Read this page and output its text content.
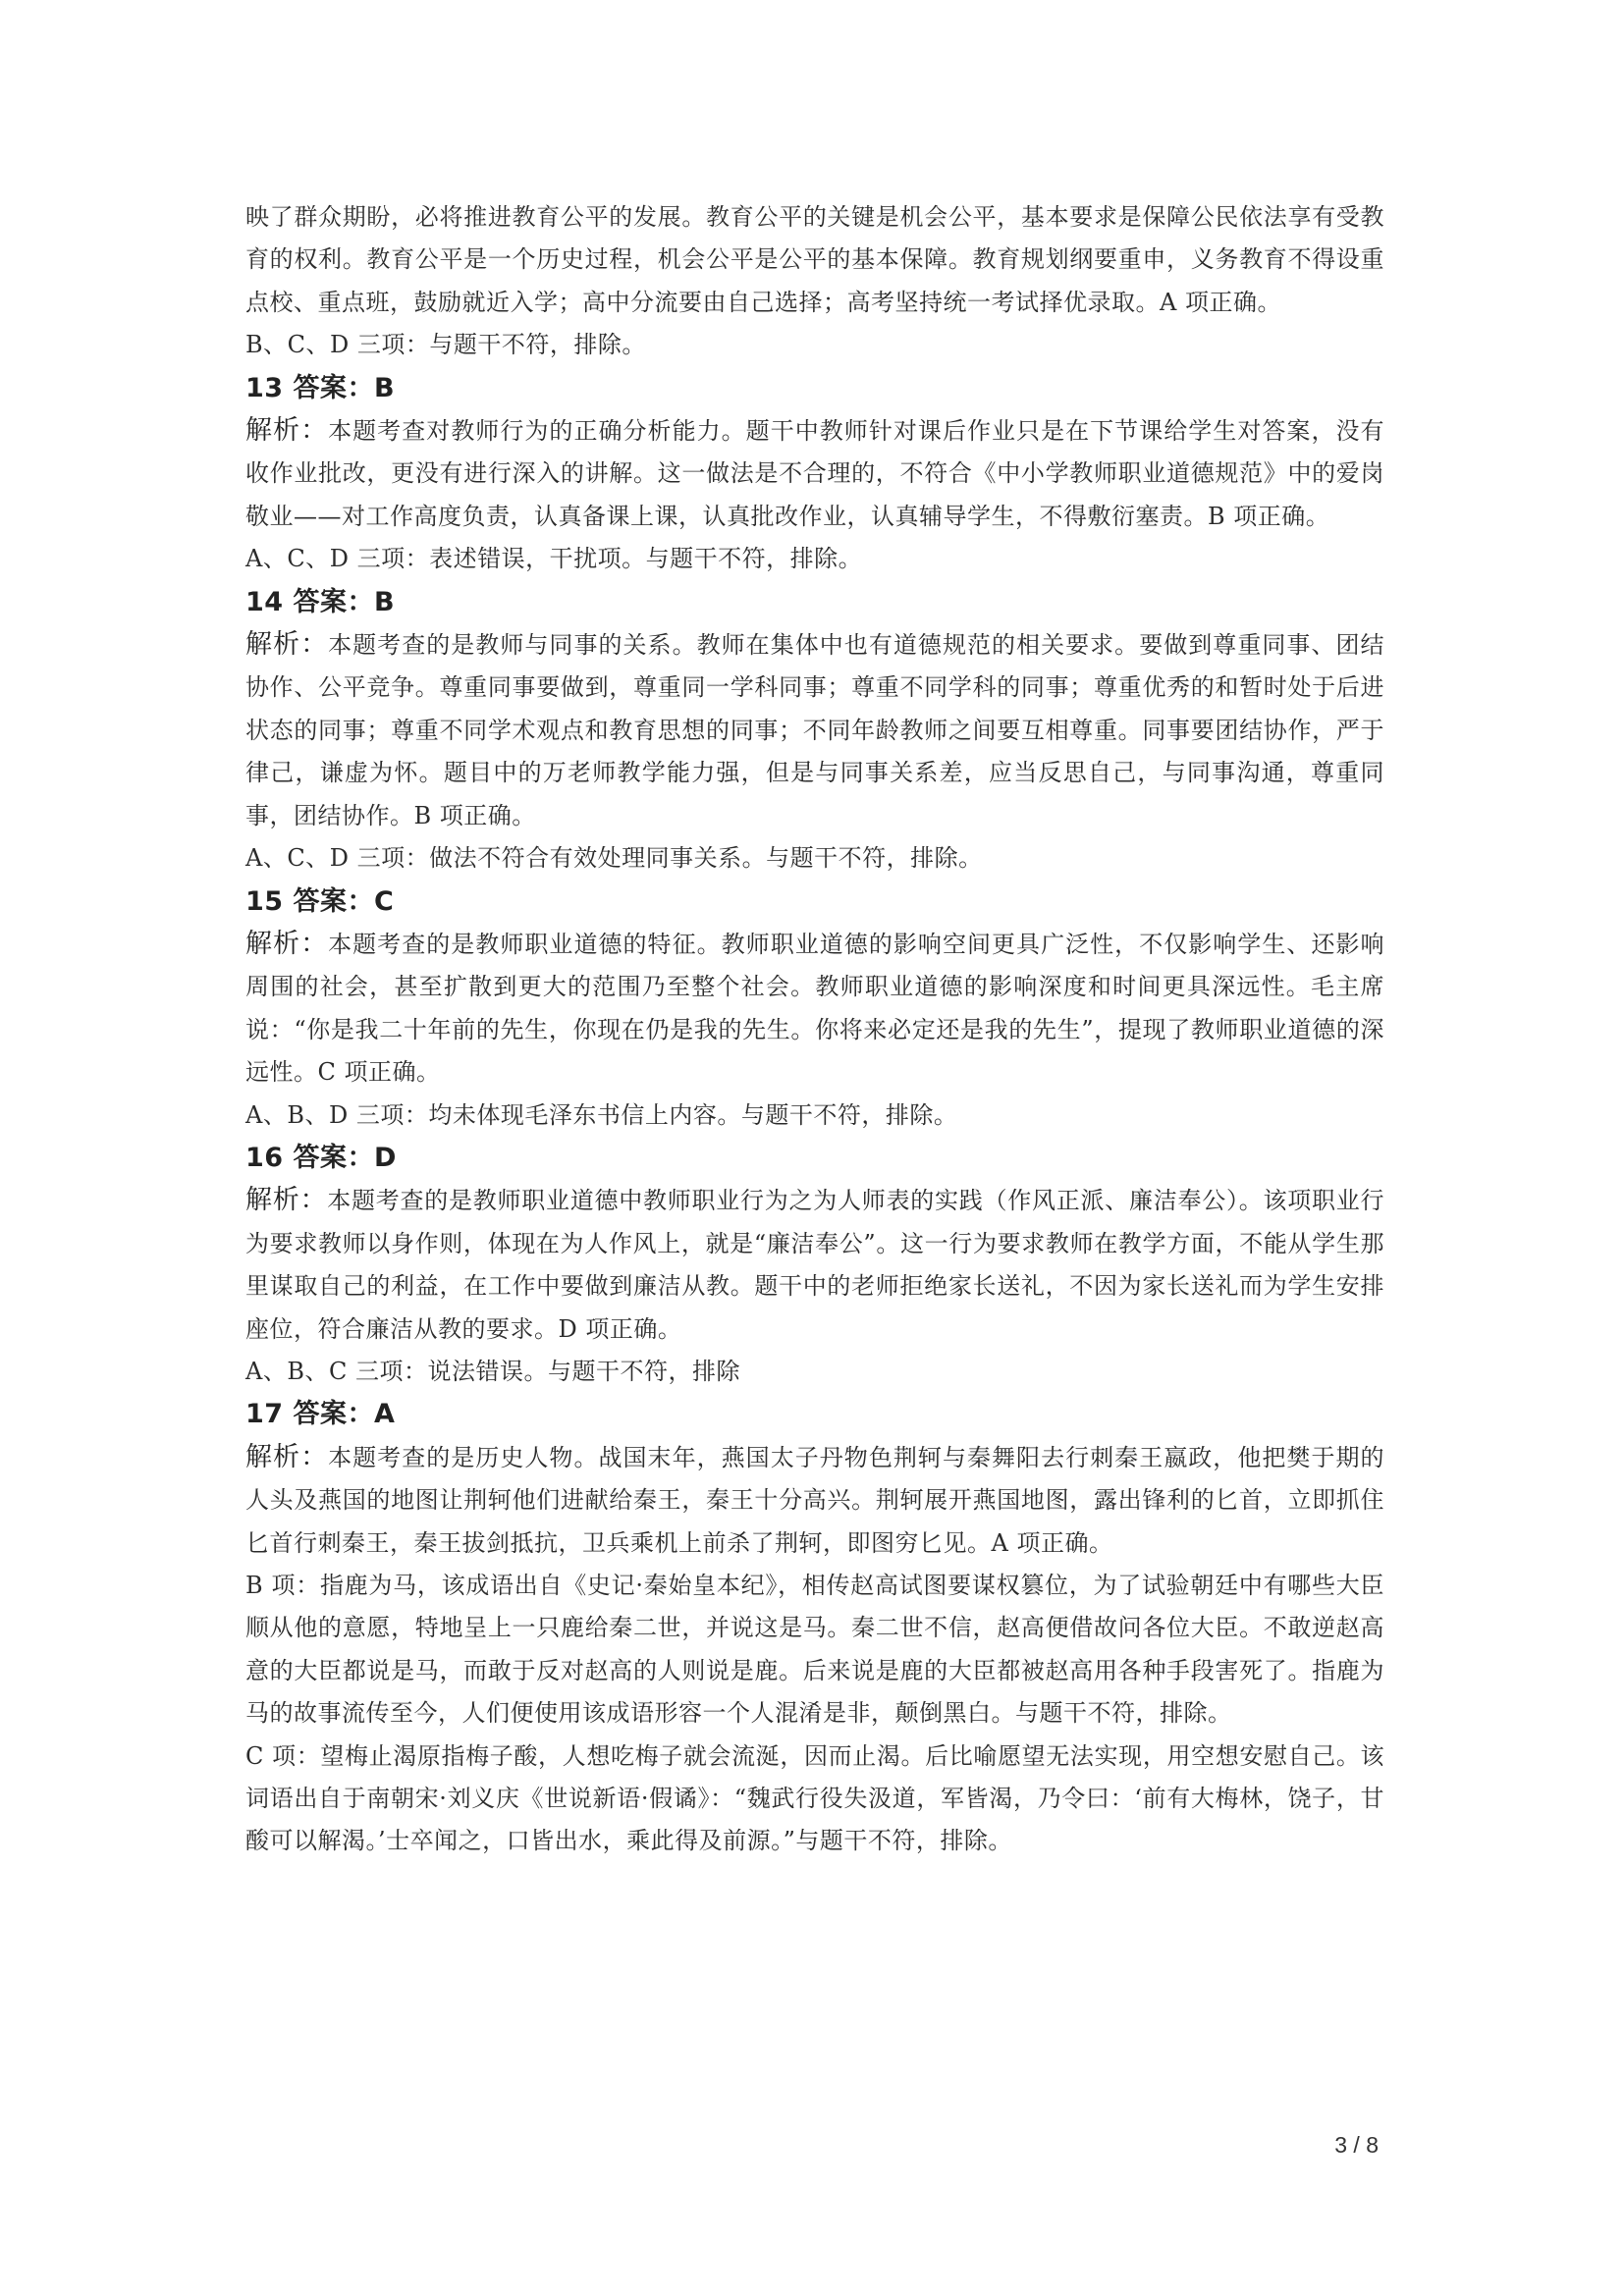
映了群众期盼，必将推进教育公平的发展。教育公平的关键是机会公平，基本要求是保障公民依法享有受教育的权利。教育公平是一个历史过程，机会公平是公平的基本保障。教育规划纲要重申，义务教育不得设重点校、重点班，鼓励就近入学；高中分流要由自己选择；高考坚持统一考试择优录取。A 项正确。

B、C、D 三项：与题干不符，排除。

13 答案：B

解析：本题考查对教师行为的正确分析能力。题干中教师针对课后作业只是在下节课给学生对答案，没有收作业批改，更没有进行深入的讲解。这一做法是不合理的，不符合《中小学教师职业道德规范》中的爱岗敬业——对工作高度负责，认真备课上课，认真批改作业，认真辅导学生，不得敷衍塞责。B 项正确。

A、C、D 三项：表述错误，干扰项。与题干不符，排除。

14 答案：B

解析：本题考查的是教师与同事的关系。教师在集体中也有道德规范的相关要求。要做到尊重同事、团结协作、公平竞争。尊重同事要做到，尊重同一学科同事；尊重不同学科的同事；尊重优秀的和暂时处于后进状态的同事；尊重不同学术观点和教育思想的同事；不同年龄教师之间要互相尊重。同事要团结协作，严于律己，谦虚为怀。题目中的万老师教学能力强，但是与同事关系差，应当反思自己，与同事沟通，尊重同事，团结协作。B 项正确。

A、C、D 三项：做法不符合有效处理同事关系。与题干不符，排除。

15 答案：C

解析：本题考查的是教师职业道德的特征。教师职业道德的影响空间更具广泛性，不仅影响学生、还影响周围的社会，甚至扩散到更大的范围乃至整个社会。教师职业道德的影响深度和时间更具深远性。毛主席说：“你是我二十年前的先生，你现在仍是我的先生。你将来必定还是我的先生”，提现了教师职业道德的深远性。C 项正确。

A、B、D 三项：均未体现毛泽东书信上内容。与题干不符，排除。

16 答案：D

解析：本题考查的是教师职业道德中教师职业行为之为人师表的实践（作风正派、廉洁奉公）。该项职业行为要求教师以身作则，体现在为人作风上，就是“廉洁奉公”。这一行为要求教师在教学方面，不能从学生那里谋取自己的利益，在工作中要做到廉洁从教。题干中的老师拒绝家长送礼，不因为家长送礼而为学生安排座位，符合廉洁从教的要求。D 项正确。

A、B、C 三项：说法错误。与题干不符，排除

17 答案：A

解析：本题考查的是历史人物。战国末年，燕国太子丹物色荆轲与秦舞阳去行刺秦王嬴政，他把樊于期的人头及燕国的地图让荆轲他们进献给秦王，秦王十分高兴。荆轲展开燕国地图，露出锋利的匕首，立即抓住匕首行刺秦王，秦王拔剑抵抗，卫兵乘机上前杀了荆轲，即图穷匕见。A 项正确。

B 项：指鹿为马，该成语出自《史记·秦始皇本纪》，相传赵高试图要谋权篡位，为了试验朝廷中有哪些大臣顺从他的意愿，特地呈上一只鹿给秦二世，并说这是马。秦二世不信，赵高便借故问各位大臣。不敢逆赵高意的大臣都说是马，而敢于反对赵高的人则说是鹿。后来说是鹿的大臣都被赵高用各种手段害死了。指鹿为马的故事流传至今，人们便使用该成语形容一个人混淆是非，颠倒黑白。与题干不符，排除。

C 项：望梅止渴原指梅子酸，人想吃梅子就会流涎，因而止渴。后比喻愿望无法实现，用空想安慰自己。该词语出自于南朝宋·刘义庆《世说新语·假谲》：“魏武行役失汲道，军皆渴，乃令曰：‘前有大梅林，饶子，甘酸可以解渴。’士卒闻之，口皆出水，乘此得及前源。”与题干不符，排除。

3 / 8
